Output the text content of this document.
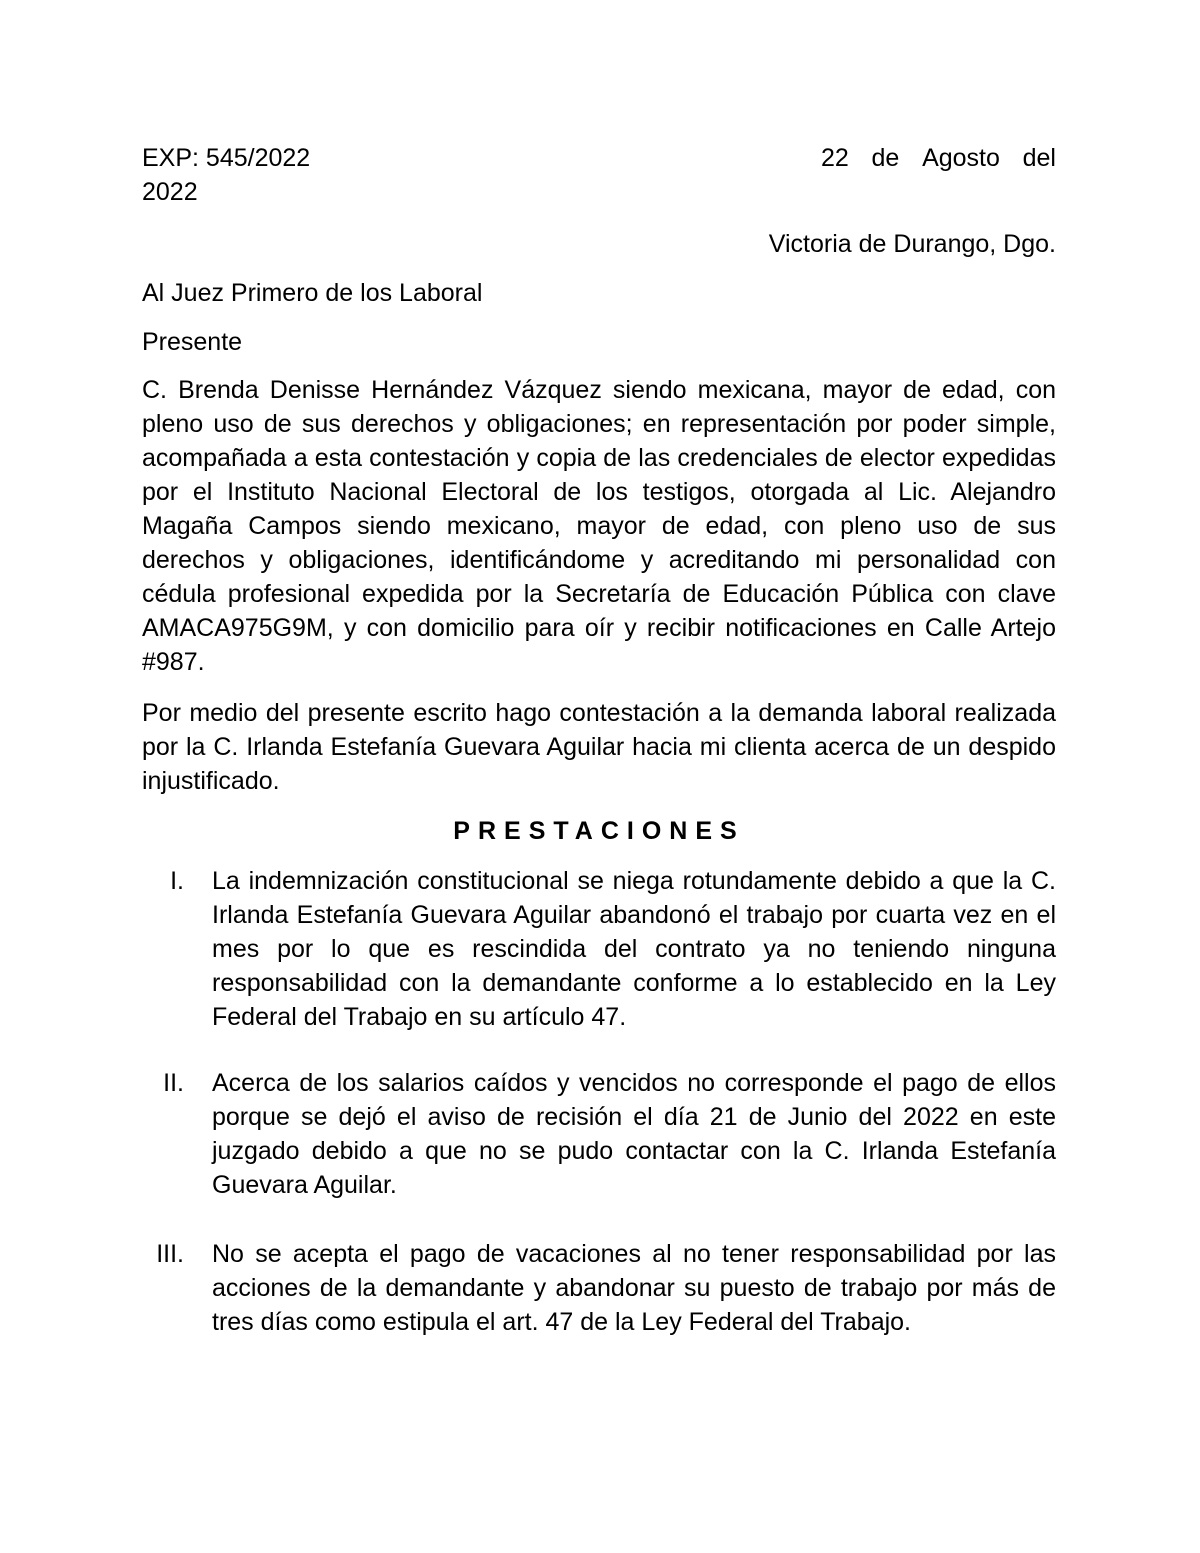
EXP: 545/2022	22 de Agosto del
2022

Victoria de Durango, Dgo.

Al Juez Primero de los Laboral

Presente

C. Brenda Denisse Hernández Vázquez siendo mexicana, mayor de edad, con pleno uso de sus derechos y obligaciones; en representación por poder simple, acompañada a esta contestación y copia de las credenciales de elector expedidas por el Instituto Nacional Electoral de los testigos, otorgada al Lic. Alejandro Magaña Campos siendo mexicano, mayor de edad, con pleno uso de sus derechos y obligaciones, identificándome y acreditando mi personalidad con cédula profesional expedida por la Secretaría de Educación Pública con clave AMACA975G9M, y con domicilio para oír y recibir notificaciones en Calle Artejo #987.

Por medio del presente escrito hago contestación a la demanda laboral realizada por la C. Irlanda Estefanía Guevara Aguilar hacia mi clienta acerca de un despido injustificado.

PRESTACIONES

I. La indemnización constitucional se niega rotundamente debido a que la C. Irlanda Estefanía Guevara Aguilar abandonó el trabajo por cuarta vez en el mes por lo que es rescindida del contrato ya no teniendo ninguna responsabilidad con la demandante conforme a lo establecido en la Ley Federal del Trabajo en su artículo 47.
II. Acerca de los salarios caídos y vencidos no corresponde el pago de ellos porque se dejó el aviso de recisión el día 21 de Junio del 2022 en este juzgado debido a que no se pudo contactar con la C. Irlanda Estefanía Guevara Aguilar.
III. No se acepta el pago de vacaciones al no tener responsabilidad por las acciones de la demandante y abandonar su puesto de trabajo por más de tres días como estipula el art. 47 de la Ley Federal del Trabajo.
